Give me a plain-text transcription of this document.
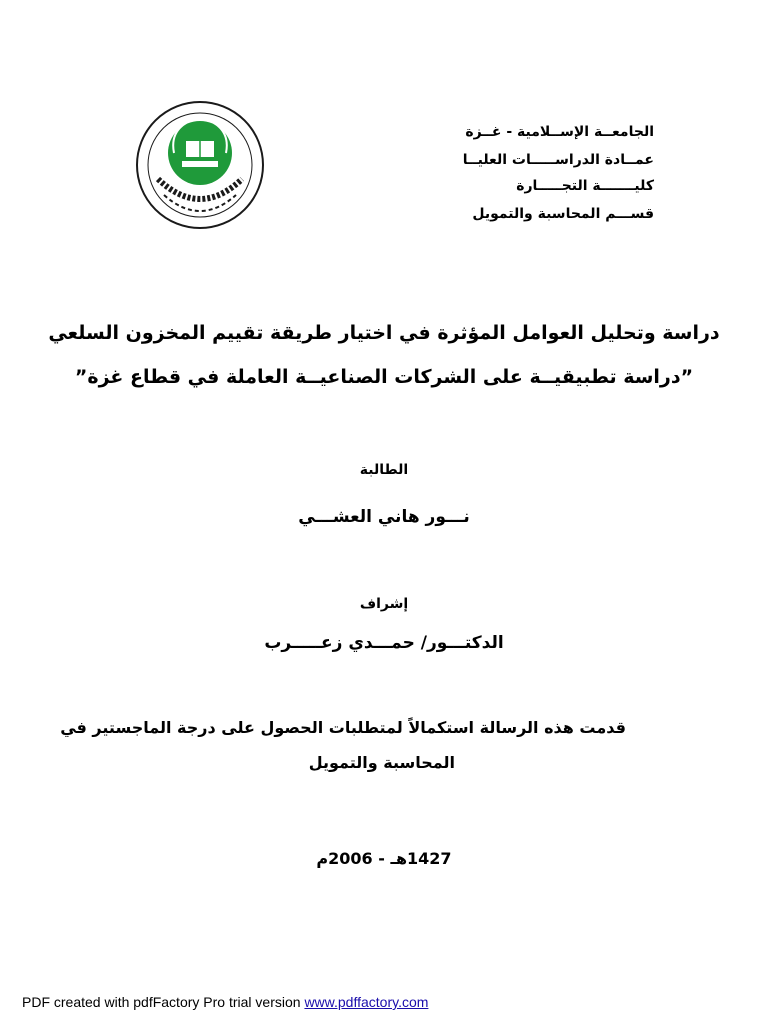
الجامعــة الإســلامية - غــزة
عمــادة الدراســـــات العليــا
كليـــــــة التجـــــارة
قســـم المحاسبة والتمويل
دراسة وتحليل العوامل المؤثرة في اختيار طريقة تقييم المخزون السلعي
”دراسة تطبيقيــة على الشركات الصناعيــة العاملة في قطاع غزة”
الطالبة
نـــور هاني العشـــي
إشراف
الدكتـــور/ حمـــدي زعـــــرب
قدمت هذه الرسالة استكمالاً لمتطلبات الحصول على درجة الماجستير في
المحاسبة والتمويل
1427هـ - 2006م
PDF created with pdfFactory Pro trial version www.pdffactory.com
